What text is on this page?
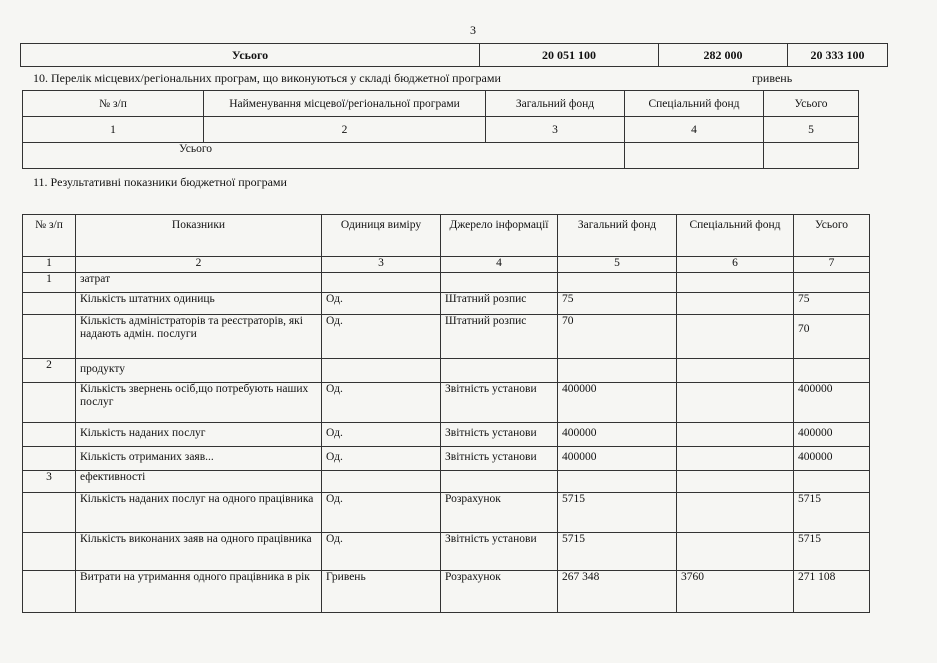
3
Усього	20 051 100	282 000	20 333 100
10. Перелік місцевих/регіональних програм, що виконуються у складі бюджетної програми	гривень
№ з/п	Найменування місцевої/регіональної програми	Загальний фонд	Спеціальний фонд	Усього
1	2	3	4	5
Усього				
11. Результативні показники бюджетної програми
№ з/п	Показники	Одиниця виміру	Джерело інформації	Загальний фонд	Спеціальний фонд	Усього
1	2	3	4	5	6	7
1	затрат					
	Кількість штатних одиниць	Од.	Штатний розпис	75		75
	Кількість адміністраторів та реєстраторів, які надають адмін. послуги	Од.	Штатний розпис	70		70
2	продукту					
	Кількість звернень осіб,що потребують наших послуг	Од.	Звітність установи	400000		400000
	Кількість наданих послуг	Од.	Звітність установи	400000		400000
	Кількість отриманих заяв...	Од.	Звітність установи	400000		400000
3	ефективності					
	Кількість наданих послуг на одного працівника	Од.	Розрахунок	5715		5715
	Кількість виконаних заяв на одного працівника	Од.	Звітність установи	5715		5715
	Витрати на утримання одного працівника в рік	Гривень	Розрахунок	267 348	3760	271 108
